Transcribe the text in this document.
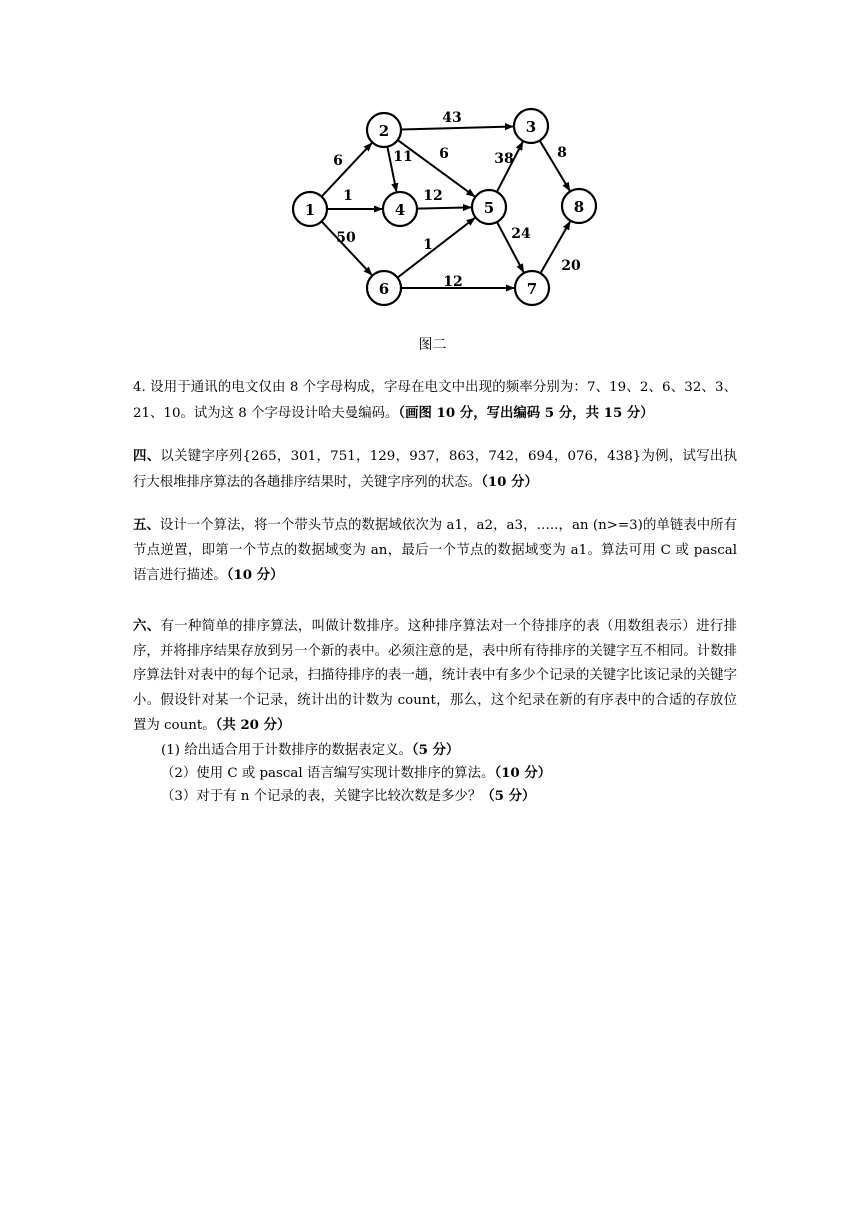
6
1
50
43
11 6
12
38	8
24
1
12
20
1
2	3
4	5
6	7
8
图二

4. 设用于通讯的电文仅由 8 个字母构成，字母在电文中出现的频率分别为：7、19、2、6、32、3、21、10。试为这 8 个字母设计哈夫曼编码。（画图 10 分，写出编码 5 分，共 15 分）

四、以关键字序列{265，301，751，129，937，863，742，694，076，438}为例，试写出执行大根堆排序算法的各趟排序结果时，关键字序列的状态。（10 分）

五、设计一个算法，将一个带头节点的数据域依次为 a1，a2，a3，…..，an (n>=3)的单链表中所有节点逆置，即第一个节点的数据域变为 an，最后一个节点的数据域变为 a1。算法可用 C 或 pascal 语言进行描述。（10 分）

六、有一种简单的排序算法，叫做计数排序。这种排序算法对一个待排序的表（用数组表示）进行排序，并将排序结果存放到另一个新的表中。必须注意的是，表中所有待排序的关键字互不相同。计数排序算法针对表中的每个记录，扫描待排序的表一趟，统计表中有多少个记录的关键字比该记录的关键字小。假设针对某一个记录，统计出的计数为 count，那么，这个纪录在新的有序表中的合适的存放位置为 count。（共 20 分）

(1) 给出适合用于计数排序的数据表定义。（5 分）

（2）使用 C 或 pascal 语言编写实现计数排序的算法。（10 分）

（3）对于有 n 个记录的表，关键字比较次数是多少？（5 分）
